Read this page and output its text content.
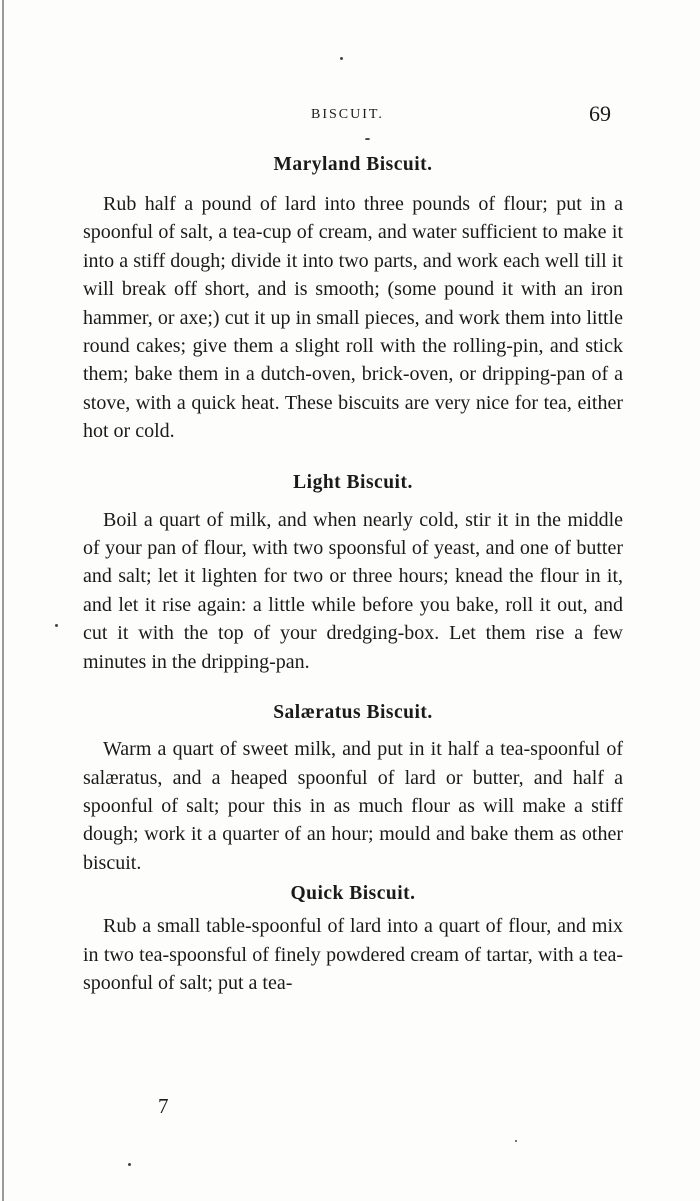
BISCUIT.	69
Maryland Biscuit.

Rub half a pound of lard into three pounds of flour; put in a spoonful of salt, a tea-cup of cream, and water sufficient to make it into a stiff dough; divide it into two parts, and work each well till it will break off short, and is smooth; (some pound it with an iron hammer, or axe;) cut it up in small pieces, and work them into little round cakes; give them a slight roll with the rolling-pin, and stick them; bake them in a dutch-oven, brick-oven, or dripping-pan of a stove, with a quick heat. These biscuits are very nice for tea, either hot or cold.

Light Biscuit.

Boil a quart of milk, and when nearly cold, stir it in the middle of your pan of flour, with two spoonsful of yeast, and one of butter and salt; let it lighten for two or three hours; knead the flour in it, and let it rise again: a little while before you bake, roll it out, and cut it with the top of your dredging-box. Let them rise a few minutes in the dripping-pan.

Salæratus Biscuit.

Warm a quart of sweet milk, and put in it half a tea-spoonful of salæratus, and a heaped spoonful of lard or butter, and half a spoonful of salt; pour this in as much flour as will make a stiff dough; work it a quarter of an hour; mould and bake them as other biscuit.

Quick Biscuit.

Rub a small table-spoonful of lard into a quart of flour, and mix in two tea-spoonsful of finely powdered cream of tartar, with a tea-spoonful of salt; put a tea-

7
